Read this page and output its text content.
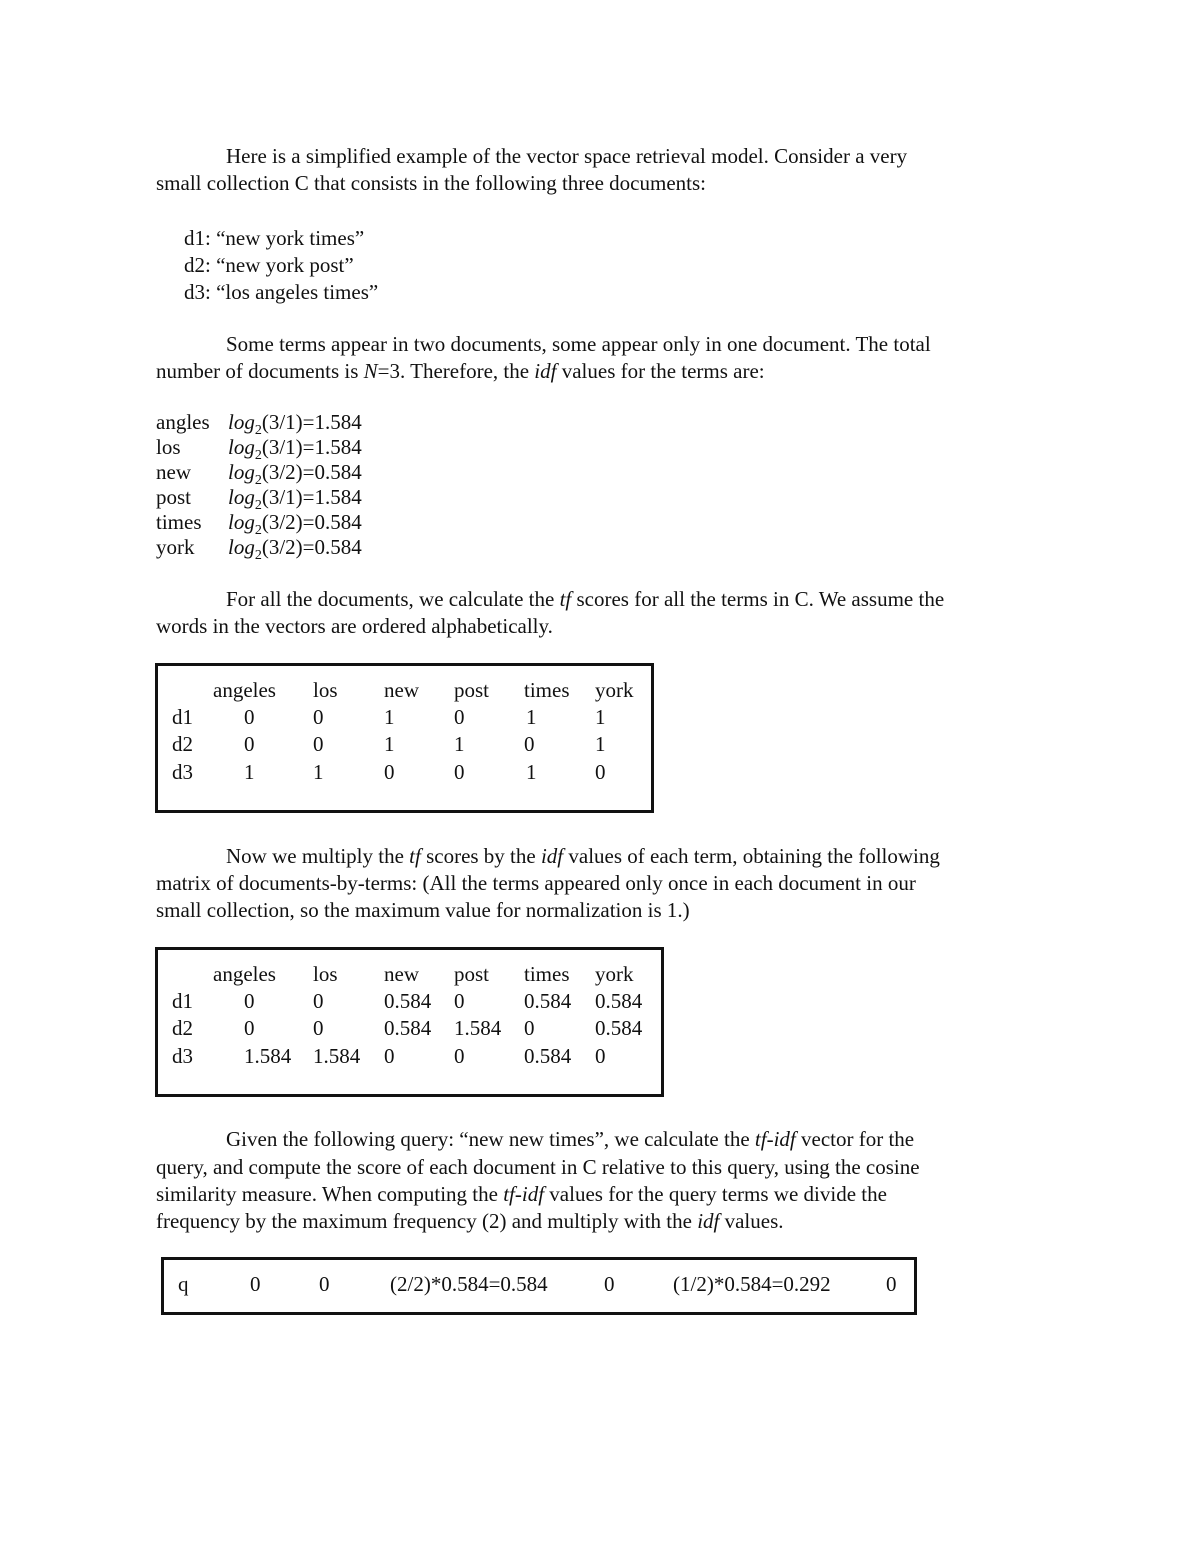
Here is a simplified example of the vector space retrieval model. Consider a very
small collection C that consists in the following three documents:
d1: “new york times”
d2: “new york post”
d3: “los angeles times”
Some terms appear in two documents, some appear only in one document. The total
number of documents is N=3. Therefore, the idf values for the terms are:
angles $\log_2(3/1)=1.584$
los $\log_2(3/1)=1.584$
new $\log_2(3/2)=0.584$
post $\log_2(3/1)=1.584$
times $\log_2(3/2)=0.584$
york $\log_2(3/2)=0.584$
For all the documents, we calculate the tf scores for all the terms in C. We assume the
words in the vectors are ordered alphabetically.
angeles los new post times york
d1 0	0	1	0	1	1
d2 0	0	1	1	0	1
d3 1	1	0	0	1	0
Now we multiply the tf scores by the idf values of each term, obtaining the following
matrix of documents-by-terms: (All the terms appeared only once in each document in our
small collection, so the maximum value for normalization is 1.)
angeles los new post times york
d1 0	0	0.584 0	0.584 0.584
d2 0	0	0.584 1.584 0	0.584
d3 1.584 1.584 0	0	0.584 0
Given the following query: “new new times”, we calculate the tf-idf vector for the
query, and compute the score of each document in C relative to this query, using the cosine
similarity measure. When computing the tf-idf values for the query terms we divide the
frequency by the maximum frequency (2) and multiply with the idf values.
q	0	0	(2/2)*0.584=0.584	0	(1/2)*0.584=0.292	0
